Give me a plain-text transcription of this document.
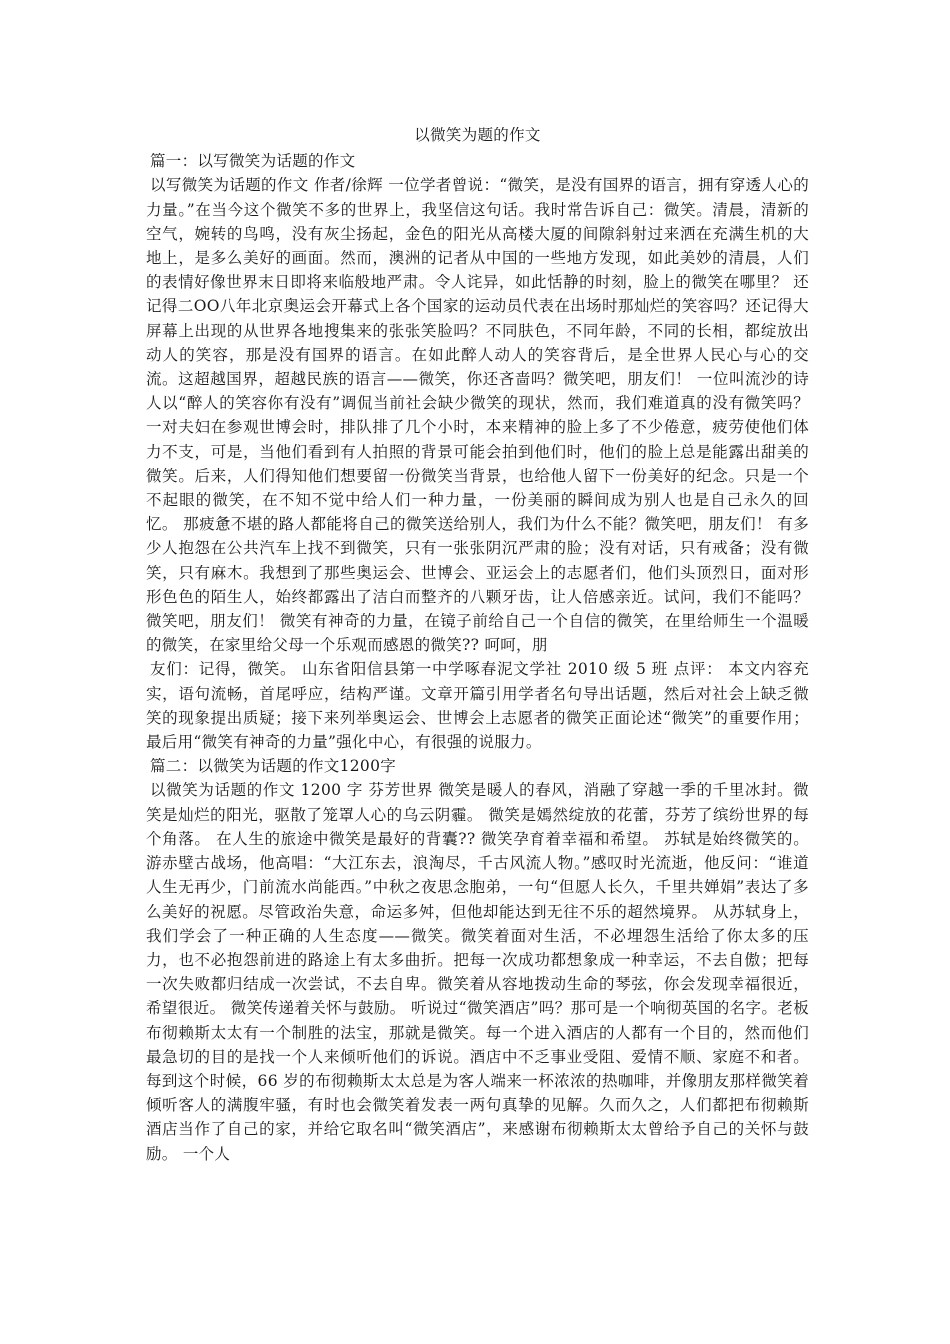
以微笑为题的作文
篇一：以写微笑为话题的作文
以写微笑为话题的作文 作者/徐辉 一位学者曾说：“微笑，是没有国界的语言，拥有穿透人心的力量。”在当今这个微笑不多的世界上，我坚信这句话。我时常告诉自己：微笑。清晨，清新的空气，婉转的鸟鸣，没有灰尘扬起，金色的阳光从高楼大厦的间隙斜射过来洒在充满生机的大地上，是多么美好的画面。然而，澳洲的记者从中国的一些地方发现，如此美妙的清晨，人们的表情好像世界末日即将来临般地严肃。令人诧异，如此恬静的时刻，脸上的微笑在哪里？ 还记得二OO八年北京奥运会开幕式上各个国家的运动员代表在出场时那灿烂的笑容吗？还记得大屏幕上出现的从世界各地搜集来的张张笑脸吗？不同肤色，不同年龄，不同的长相，都绽放出动人的笑容，那是没有国界的语言。在如此醉人动人的笑容背后，是全世界人民心与心的交流。这超越国界，超越民族的语言——微笑，你还吝啬吗？微笑吧，朋友们！ 一位叫流沙的诗人以“醉人的笑容你有没有”调侃当前社会缺少微笑的现状，然而，我们难道真的没有微笑吗？一对夫妇在参观世博会时，排队排了几个小时，本来精神的脸上多了不少倦意，疲劳使他们体力不支，可是，当他们看到有人拍照的背景可能会拍到他们时，他们的脸上总是能露出甜美的微笑。后来，人们得知他们想要留一份微笑当背景，也给他人留下一份美好的纪念。只是一个不起眼的微笑，在不知不觉中给人们一种力量，一份美丽的瞬间成为别人也是自己永久的回忆。 那疲惫不堪的路人都能将自己的微笑送给别人，我们为什么不能？微笑吧，朋友们！ 有多少人抱怨在公共汽车上找不到微笑，只有一张张阴沉严肃的脸；没有对话，只有戒备；没有微笑，只有麻木。我想到了那些奥运会、世博会、亚运会上的志愿者们，他们头顶烈日，面对形形色色的陌生人，始终都露出了洁白而整齐的八颗牙齿，让人倍感亲近。试问，我们不能吗？微笑吧，朋友们！ 微笑有神奇的力量，在镜子前给自己一个自信的微笑，在里给师生一个温暖的微笑，在家里给父母一个乐观而感恩的微笑?? 呵呵，朋
友们：记得，微笑。 山东省阳信县第一中学啄春泥文学社 2010 级 5 班 点评： 本文内容充实，语句流畅，首尾呼应，结构严谨。文章开篇引用学者名句导出话题，然后对社会上缺乏微笑的现象提出质疑；接下来列举奥运会、世博会上志愿者的微笑正面论述“微笑”的重要作用；最后用“微笑有神奇的力量”强化中心，有很强的说服力。
篇二：以微笑为话题的作文1200字
以微笑为话题的作文 1200 字 芬芳世界 微笑是暖人的春风，消融了穿越一季的千里冰封。微笑是灿烂的阳光，驱散了笼罩人心的乌云阴霾。 微笑是嫣然绽放的花蕾，芬芳了缤纷世界的每个角落。 在人生的旅途中微笑是最好的背囊?? 微笑孕育着幸福和希望。 苏轼是始终微笑的。游赤壁古战场，他高唱：“大江东去，浪淘尽，千古风流人物。”感叹时光流逝，他反问：“谁道人生无再少，门前流水尚能西。”中秋之夜思念胞弟，一句“但愿人长久，千里共婵娟”表达了多么美好的祝愿。尽管政治失意，命运多舛，但他却能达到无往不乐的超然境界。 从苏轼身上，我们学会了一种正确的人生态度——微笑。微笑着面对生活，不必埋怨生活给了你太多的压力，也不必抱怨前进的路途上有太多曲折。把每一次成功都想象成一种幸运，不去自傲；把每一次失败都归结成一次尝试，不去自卑。微笑着从容地拨动生命的琴弦，你会发现幸福很近，希望很近。 微笑传递着关怀与鼓励。 听说过“微笑酒店”吗？那可是一个响彻英国的名字。老板布彻赖斯太太有一个制胜的法宝，那就是微笑。每一个进入酒店的人都有一个目的，然而他们最急切的目的是找一个人来倾听他们的诉说。酒店中不乏事业受阻、爱情不顺、家庭不和者。每到这个时候，66 岁的布彻赖斯太太总是为客人端来一杯浓浓的热咖啡，并像朋友那样微笑着倾听客人的满腹牢骚，有时也会微笑着发表一两句真挚的见解。久而久之，人们都把布彻赖斯酒店当作了自己的家，并给它取名叫“微笑酒店”，来感谢布彻赖斯太太曾给予自己的关怀与鼓励。 一个人
